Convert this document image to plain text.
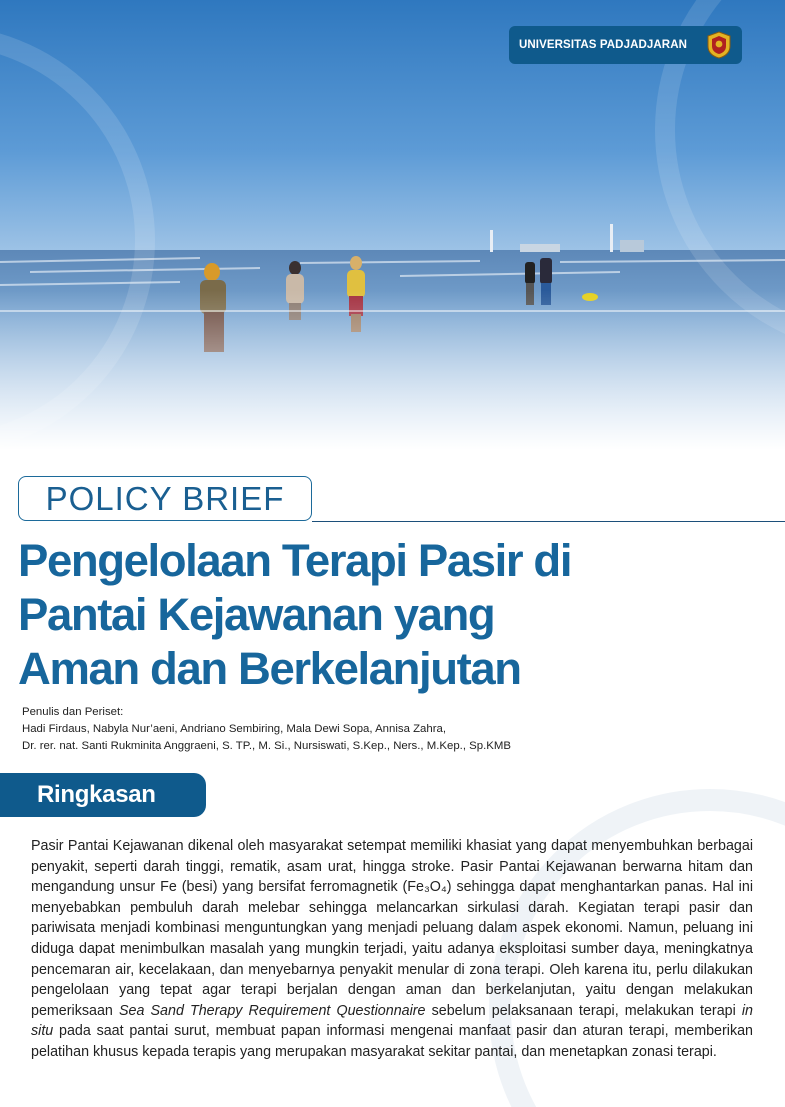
UNIVERSITAS PADJADJARAN
POLICY BRIEF
Pengelolaan Terapi Pasir di
Pantai Kejawanan yang
Aman dan Berkelanjutan
Penulis dan Periset:
Hadi Firdaus, Nabyla Nur’aeni, Andriano Sembiring, Mala Dewi Sopa, Annisa Zahra,
Dr. rer. nat. Santi Rukminita Anggraeni, S. TP., M. Si., Nursiswati, S.Kep., Ners., M.Kep., Sp.KMB
Ringkasan

Pasir Pantai Kejawanan dikenal oleh masyarakat setempat memiliki khasiat yang dapat menyembuhkan berbagai penyakit, seperti darah tinggi, rematik, asam urat, hingga stroke. Pasir Pantai Kejawanan berwarna hitam dan mengandung unsur Fe (besi) yang bersifat ferromagnetik (Fe₃O₄) sehingga dapat menghantarkan panas. Hal ini menyebabkan pembuluh darah melebar sehingga melancarkan sirkulasi darah. Kegiatan terapi pasir dan pariwisata menjadi kombinasi menguntungkan yang menjadi peluang dalam aspek ekonomi. Namun, peluang ini diduga dapat menimbulkan masalah yang mungkin terjadi, yaitu adanya eksploitasi sumber daya, meningkatnya pencemaran air, kecelakaan, dan menyebarnya penyakit menular di zona terapi. Oleh karena itu, perlu dilakukan pengelolaan yang tepat agar terapi berjalan dengan aman dan berkelanjutan, yaitu dengan melakukan pemeriksaan Sea Sand Therapy Requirement Questionnaire sebelum pelaksanaan terapi, melakukan terapi in situ pada saat pantai surut, membuat papan informasi mengenai manfaat pasir dan aturan terapi, memberikan pelatihan khusus kepada terapis yang merupakan masyarakat sekitar pantai, dan menetapkan zonasi terapi.
